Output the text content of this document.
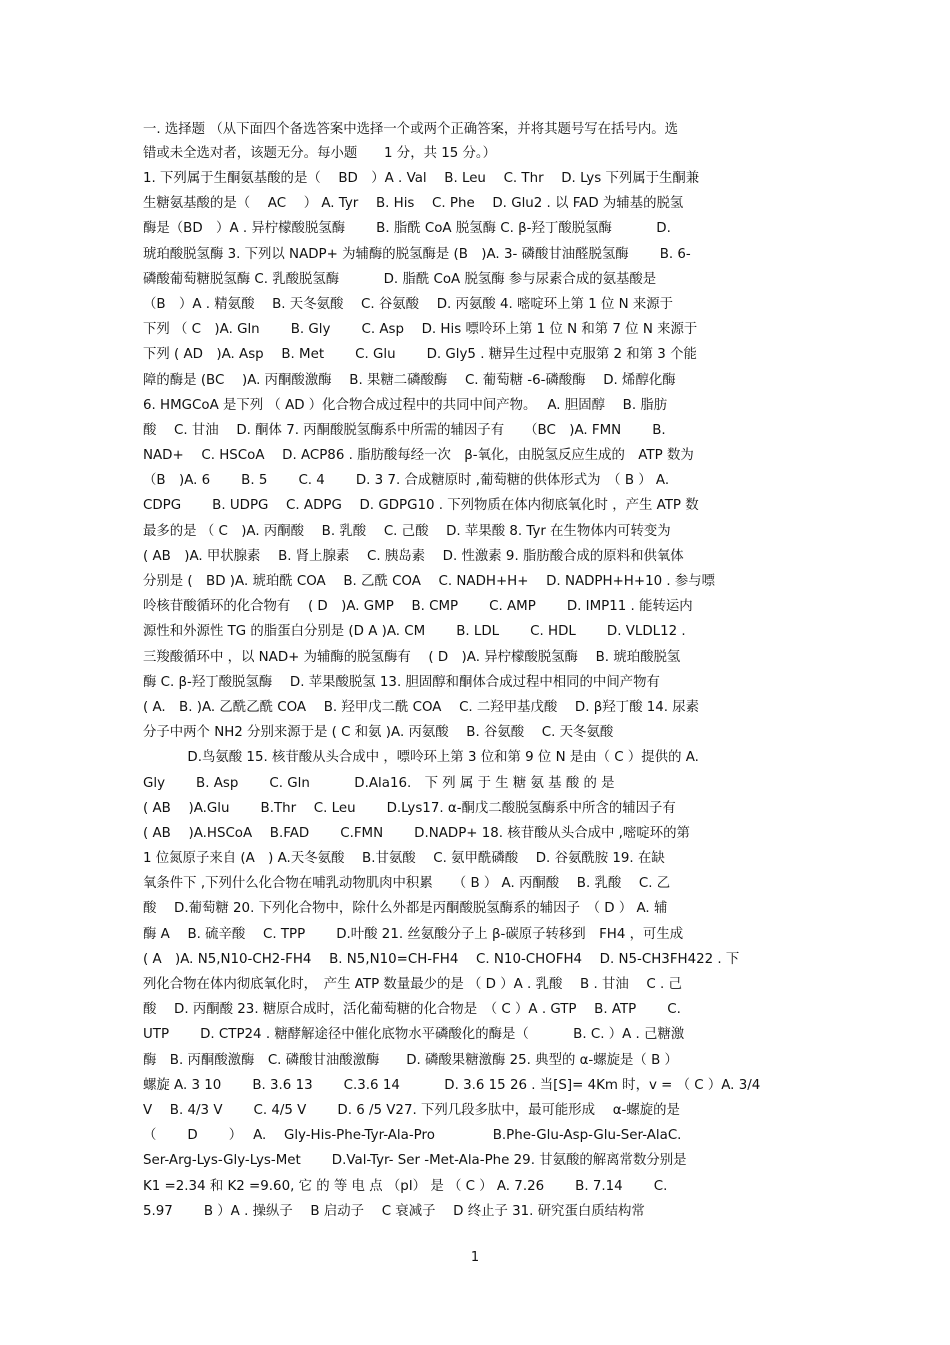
一. 选择题 （从下面四个备选答案中选择一个或两个正确答案，并将其题号写在括号内。选
错或未全选对者，该题无分。每小题　　1 分，共 15 分。）
1. 下列属于生酮氨基酸的是（　 BD　）A . Val　 B. Leu　 C. Thr　 D. Lys 下列属于生酮兼
生糖氨基酸的是（　 AC　 ） A. Tyr　 B. His　 C. Phe　 D. Glu2 . 以 FAD 为辅基的脱氢
酶是（BD　）A . 异柠檬酸脱氢酶　　 B. 脂酰 CoA 脱氢酶 C. β-羟丁酸脱氢酶　　　 D.
琥珀酸脱氢酶 3. 下列以 NADP+ 为辅酶的脱氢酶是 (B　)A. 3- 磷酸甘油醛脱氢酶　　 B. 6-
磷酸葡萄糖脱氢酶 C. 乳酸脱氢酶　　　 D. 脂酰 CoA 脱氢酶 参与尿素合成的氨基酸是
（B　）A . 精氨酸　 B. 天冬氨酸　 C. 谷氨酸　 D. 丙氨酸 4. 嘧啶环上第 1 位 N 来源于
下列 （ C　)A. Gln　　 B. Gly　　 C. Asp　 D. His 嘌呤环上第 1 位 N 和第 7 位 N 来源于
下列 ( AD　)A. Asp　 B. Met　　 C. Glu　　 D. Gly5 . 糖异生过程中克服第 2 和第 3 个能
障的酶是 (BC　 )A. 丙酮酸激酶　 B. 果糖二磷酸酶　 C. 葡萄糖 -6-磷酸酶　 D. 烯醇化酶
6. HMGCoA 是下列 （ AD ）化合物合成过程中的共同中间产物。　 A. 胆固醇　 B. 脂肪
酸　 C. 甘油　 D. 酮体 7. 丙酮酸脱氢酶系中所需的辅因子有　　（BC　)A. FMN　　 B.
NAD+　 C. HSCoA　 D. ACP86 . 脂肪酸每经一次　β-氧化，由脱氢反应生成的　ATP 数为
（B　)A. 6　　 B. 5　　 C. 4　　 D. 3 7. 合成糖原时 ,葡萄糖的供体形式为　（ B ） A.
CDPG　　 B. UDPG　 C. ADPG　 D. GDPG10 . 下列物质在体内彻底氧化时 ，产生 ATP 数
最多的是 （ C　)A. 丙酮酸　 B. 乳酸　 C. 己酸　 D. 苹果酸 8. Tyr 在生物体内可转变为
( AB　)A. 甲状腺素　 B. 肾上腺素　 C. 胰岛素　 D. 性激素 9. 脂肪酸合成的原料和供氧体
分别是 (　BD )A. 琥珀酰 COA　 B. 乙酰 COA　 C. NADH+H+　 D. NADPH+H+10 . 参与嘌
呤核苷酸循环的化合物有　 ( D　)A. GMP　 B. CMP　　 C. AMP　　 D. IMP11 . 能转运内
源性和外源性 TG 的脂蛋白分别是 (D A )A. CM　　 B. LDL　　 C. HDL　　 D. VLDL12 .
三羧酸循环中 ，以 NAD+ 为辅酶的脱氢酶有　 ( D　)A. 异柠檬酸脱氢酶　 B. 琥珀酸脱氢
酶 C. β-羟丁酸脱氢酶　 D. 苹果酸脱氢 13. 胆固醇和酮体合成过程中相同的中间产物有
( A.　B. )A. 乙酰乙酰 COA　 B. 羟甲戊二酰 COA　 C. 二羟甲基戊酸　 D. β羟丁酸 14. 尿素
分子中两个 NH2 分别来源于是 ( C 和氨 )A. 丙氨酸　 B. 谷氨酸　 C. 天冬氨酸
　　　 D.鸟氨酸 15. 核苷酸从头合成中 ，嘌呤环上第 3 位和第 9 位 N 是由（ C ）提供的 A.
Gly　　 B. Asp　　 C. Gln　　　 D.Ala16.　下 列 属 于 生 糖 氨 基 酸 的 是
( AB　 )A.Glu　　 B.Thr　 C. Leu　　 D.Lys17. α-酮戊二酸脱氢酶系中所含的辅因子有
( AB　 )A.HSCoA　 B.FAD　　 C.FMN　　 D.NADP+ 18. 核苷酸从头合成中 ,嘧啶环的第
1 位氮原子来自 (A　) A.天冬氨酸　 B.甘氨酸　 C. 氨甲酰磷酸　 D. 谷氨酰胺 19. 在缺
氧条件下 ,下列什么化合物在哺乳动物肌肉中积累　　（ B ） A. 丙酮酸　 B. 乳酸　 C. 乙
酸　 D.葡萄糖 20. 下列化合物中，除什么外都是丙酮酸脱氢酶系的辅因子　（ D ） A. 辅
酶 A　 B. 硫辛酸　 C. TPP　　 D.叶酸 21. 丝氨酸分子上 β-碳原子转移到　FH4 ，可生成
( A　)A. N5,N10-CH2-FH4　 B. N5,N10=CH-FH4　 C. N10-CHOFH4　 D. N5-CH3FH422 . 下
列化合物在体内彻底氧化时，　产生 ATP 数量最少的是 （ D ）A . 乳酸　 B . 甘油　 C . 己
酸　 D. 丙酮酸 23. 糖原合成时，活化葡萄糖的化合物是　（ C ）A . GTP　 B. ATP　　 C.
UTP　　 D. CTP24 . 糖酵解途径中催化底物水平磷酸化的酶是（　　　 B. C. ）A . 己糖激
酶　B. 丙酮酸激酶　C. 磷酸甘油酸激酶　　D. 磷酸果糖激酶 25. 典型的 α-螺旋是（ B ）
螺旋 A. 3 10　　 B. 3.6 13　　 C.3.6 14　　　 D. 3.6 15 26 . 当[S]= 4Km 时，v = （ C ）A. 3/4
V　 B. 4/3 V　　 C. 4/5 V　　 D. 6 /5 V27. 下列几段多肽中，最可能形成　 α-螺旋的是
（　　 D　　 ）　 A.　 Gly-His-Phe-Tyr-Ala-Pro　　　　 B.Phe-Glu-Asp-Glu-Ser-AlaC.
Ser-Arg-Lys-Gly-Lys-Met　　 D.Val-Tyr- Ser -Met-Ala-Phe 29. 甘氨酸的解离常数分别是
K1 =2.34 和 K2 =9.60, 它 的 等 电 点 （pI） 是 （ C ） A. 7.26　　 B. 7.14　　 C.
5.97　　 B ）A . 操纵子　 B 启动子　 C 衰减子　 D 终止子 31. 研究蛋白质结构常
1
